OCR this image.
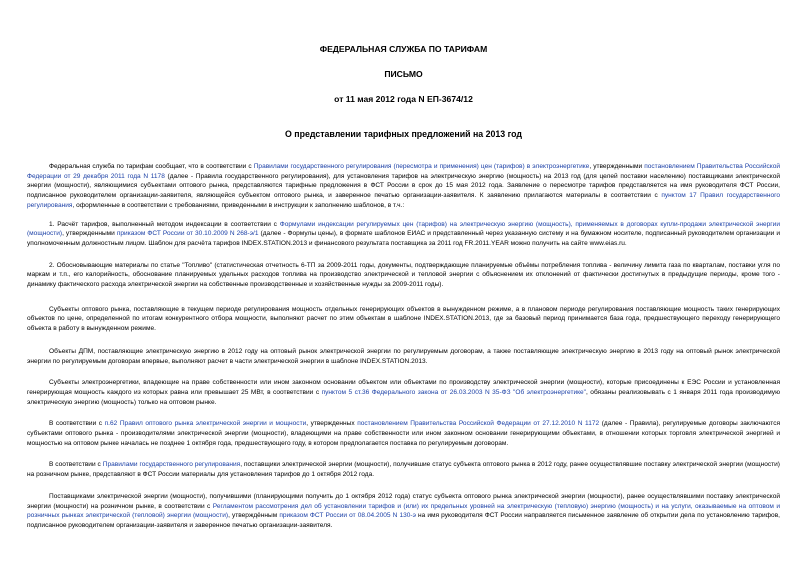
ФЕДЕРАЛЬНАЯ СЛУЖБА ПО ТАРИФАМ

ПИСЬМО

от 11 мая 2012 года N ЕП-3674/12

О представлении тарифных предложений на 2013 год

Федеральная служба по тарифам сообщает, что в соответствии с Правилами государственного регулирования (пересмотра и применения) цен (тарифов) в электроэнергетике, утвержденными постановлением Правительства Российской Федерации от 29 декабря 2011 года N 1178 (далее - Правила государственного регулирования), для установления тарифов на электрическую энергию (мощность) на 2013 год (для целей поставки населению) поставщиками электрической энергии (мощности), являющимися субъектами оптового рынка, представляются тарифные предложения в ФСТ России в срок до 15 мая 2012 года. Заявление о пересмотре тарифов представляется на имя руководителя ФСТ России, подписанное руководителем организации-заявителя, являющейся субъектом оптового рынка, и заверенное печатью организации-заявителя. К заявлению прилагаются материалы в соответствии с пунктом 17 Правил государственного регулирования, оформленные в соответствии с требованиями, приведенными в инструкции к заполнению шаблонов, в т.ч.:

1. Расчёт тарифов, выполненный методом индексации в соответствии с Формулами индексации регулируемых цен (тарифов) на электрическую энергию (мощность), применяемых в договорах купли-продажи электрической энергии (мощности), утвержденными приказом ФСТ России от 30.10.2009 N 268-э/1 (далее - Формулы цены), в формате шаблонов ЕИАС и представленный через указанную систему и на бумажном носителе, подписанный руководителем организации и уполномоченным должностным лицом. Шаблон для расчёта тарифов INDEX.STATION.2013 и финансового результата поставщика за 2011 год FR.2011.YEAR можно получить на сайте www.eias.ru.

2. Обосновывающие материалы по статье "Топливо" (статистическая отчетность 6-ТП за 2009-2011 годы, документы, подтверждающие планируемые объёмы потребления топлива - величину лимита газа по кварталам, поставки угля по маркам и т.п., его калорийность, обоснование планируемых удельных расходов топлива на производство электрической и тепловой энергии с объяснением их отклонений от фактически достигнутых в предыдущие периоды, кроме того - динамику фактического расхода электрической энергии на собственные производственные и хозяйственные нужды за 2009-2011 годы).

Субъекты оптового рынка, поставляющие в текущем периоде регулирования мощность отдельных генерирующих объектов в вынужденном режиме, а в плановом периоде регулирования поставляющие мощность таких генерирующих объектов по цене, определенной по итогам конкурентного отбора мощности, выполняют расчет по этим объектам в шаблоне INDEX.STATION.2013, где за базовый период принимается база года, предшествующего переходу генерирующего объекта в работу в вынужденном режиме.

Объекты ДПМ, поставляющие электрическую энергию в 2012 году на оптовый рынок электрической энергии по регулируемым договорам, а также поставляющие электрическую энергию в 2013 году на оптовый рынок электрической энергии по регулируемым договорам впервые, выполняют расчет в части электрической энергии в шаблоне INDEX.STATION.2013.

Субъекты электроэнергетики, владеющие на праве собственности или ином законном основании объектом или объектами по производству электрической энергии (мощности), которые присоединены к ЕЭС России и установленная генерирующая мощность каждого из которых равна или превышает 25 МВт, в соответствии с пунктом 5 ст.36 Федерального закона от 26.03.2003 N 35-ФЗ "Об электроэнергетике", обязаны реализовывать с 1 января 2011 года производимую электрическую энергию (мощность) только на оптовом рынке.

В соответствии с п.62 Правил оптового рынка электрической энергии и мощности, утвержденных постановлением Правительства Российской Федерации от 27.12.2010 N 1172 (далее - Правила), регулируемые договоры заключаются субъектами оптового рынка - производителями электрической энергии (мощности), владеющими на праве собственности или ином законном основании генерирующими объектами, в отношении которых торговля электрической энергией и мощностью на оптовом рынке началась не позднее 1 октября года, предшествующего году, в котором предполагается поставка по регулируемым договорам.

В соответствии с Правилами государственного регулирования, поставщики электрической энергии (мощности), получившие статус субъекта оптового рынка в 2012 году, ранее осуществлявшие поставку электрической энергии (мощности) на розничном рынке, представляют в ФСТ России материалы для установления тарифов до 1 октября 2012 года.

Поставщиками электрической энергии (мощности), получившими (планирующими получить до 1 октября 2012 года) статус субъекта оптового рынка электрической энергии (мощности), ранее осуществлявшими поставку электрической энергии (мощности) на розничном рынке, в соответствии с Регламентом рассмотрения дел об установлении тарифов и (или) их предельных уровней на электрическую (тепловую) энергию (мощность) и на услуги, оказываемые на оптовом и розничных рынках электрической (тепловой) энергии (мощности), утверждённым приказом ФСТ России от 08.04.2005 N 130-э на имя руководителя ФСТ России направляется письменное заявление об открытии дела по установлению тарифов, подписанное руководителем организации-заявителя и заверенное печатью организации-заявителя.
